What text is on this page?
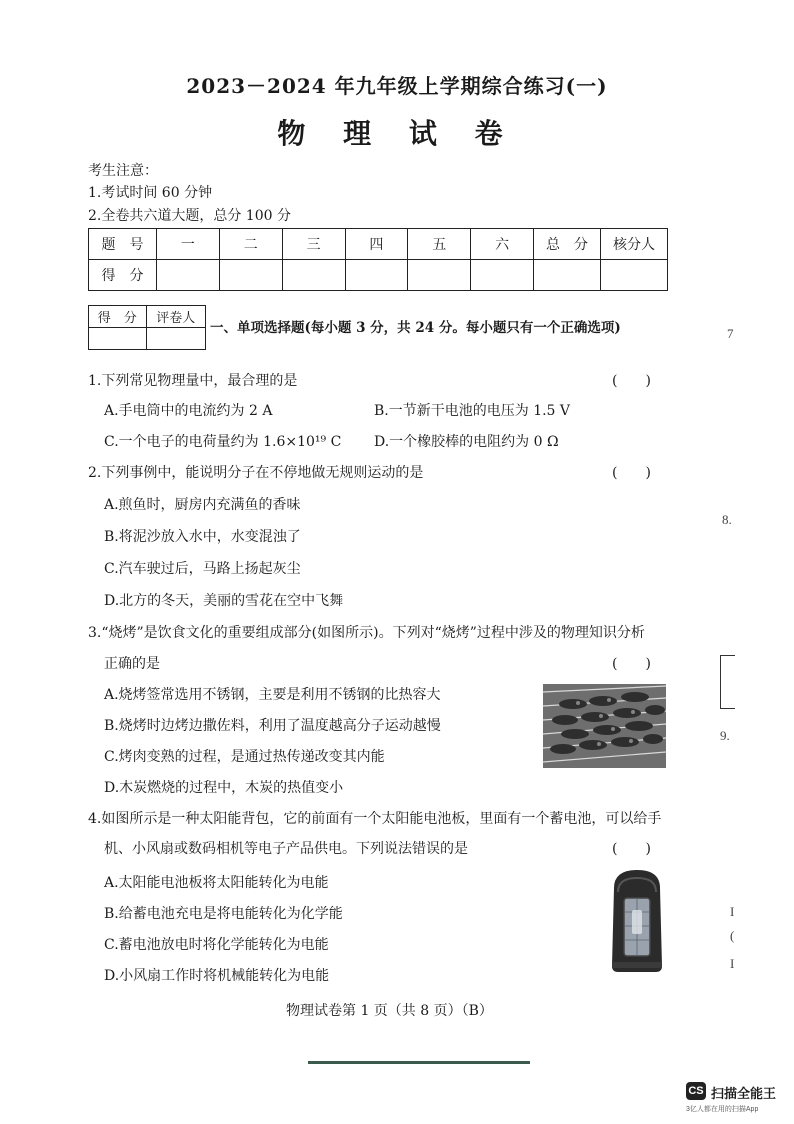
2023－2024 年九年级上学期综合练习(一)
物 理 试 卷
考生注意：
1.考试时间 60 分钟
2.全卷共六道大题，总分 100 分
题　号	一	二	三	四	五	六	总　分	核分人
得　分								
得　分	评卷人

一、单项选择题(每小题 3 分，共 24 分。每小题只有一个正确选项)
1.下列常见物理量中，最合理的是	(　　)
A.手电筒中的电流约为 2 A	B.一节新干电池的电压为 1.5 V
C.一个电子的电荷量约为 1.6×10¹⁹ C D.一个橡胶棒的电阻约为 0 Ω
2.下列事例中，能说明分子在不停地做无规则运动的是	(　　)
A.煎鱼时，厨房内充满鱼的香味
B.将泥沙放入水中，水变混浊了
C.汽车驶过后，马路上扬起灰尘
D.北方的冬天，美丽的雪花在空中飞舞
3.“烧烤”是饮食文化的重要组成部分(如图所示)。下列对“烧烤”过程中涉及的物理知识分析
正确的是	(　　)
A.烧烤签常选用不锈钢，主要是利用不锈钢的比热容大
B.烧烤时边烤边撒佐料，利用了温度越高分子运动越慢
C.烤肉变熟的过程，是通过热传递改变其内能
D.木炭燃烧的过程中，木炭的热值变小
4.如图所示是一种太阳能背包，它的前面有一个太阳能电池板，里面有一个蓄电池，可以给手
机、小风扇或数码相机等电子产品供电。下列说法错误的是	(　　)
A.太阳能电池板将太阳能转化为电能
B.给蓄电池充电是将电能转化为化学能
C.蓄电池放电时将化学能转化为电能
D.小风扇工作时将机械能转化为电能
物理试卷第 1 页（共 8 页）（B）
7
8.
9.
I
(
I
CS 扫描全能王
3亿人都在用的扫描App
